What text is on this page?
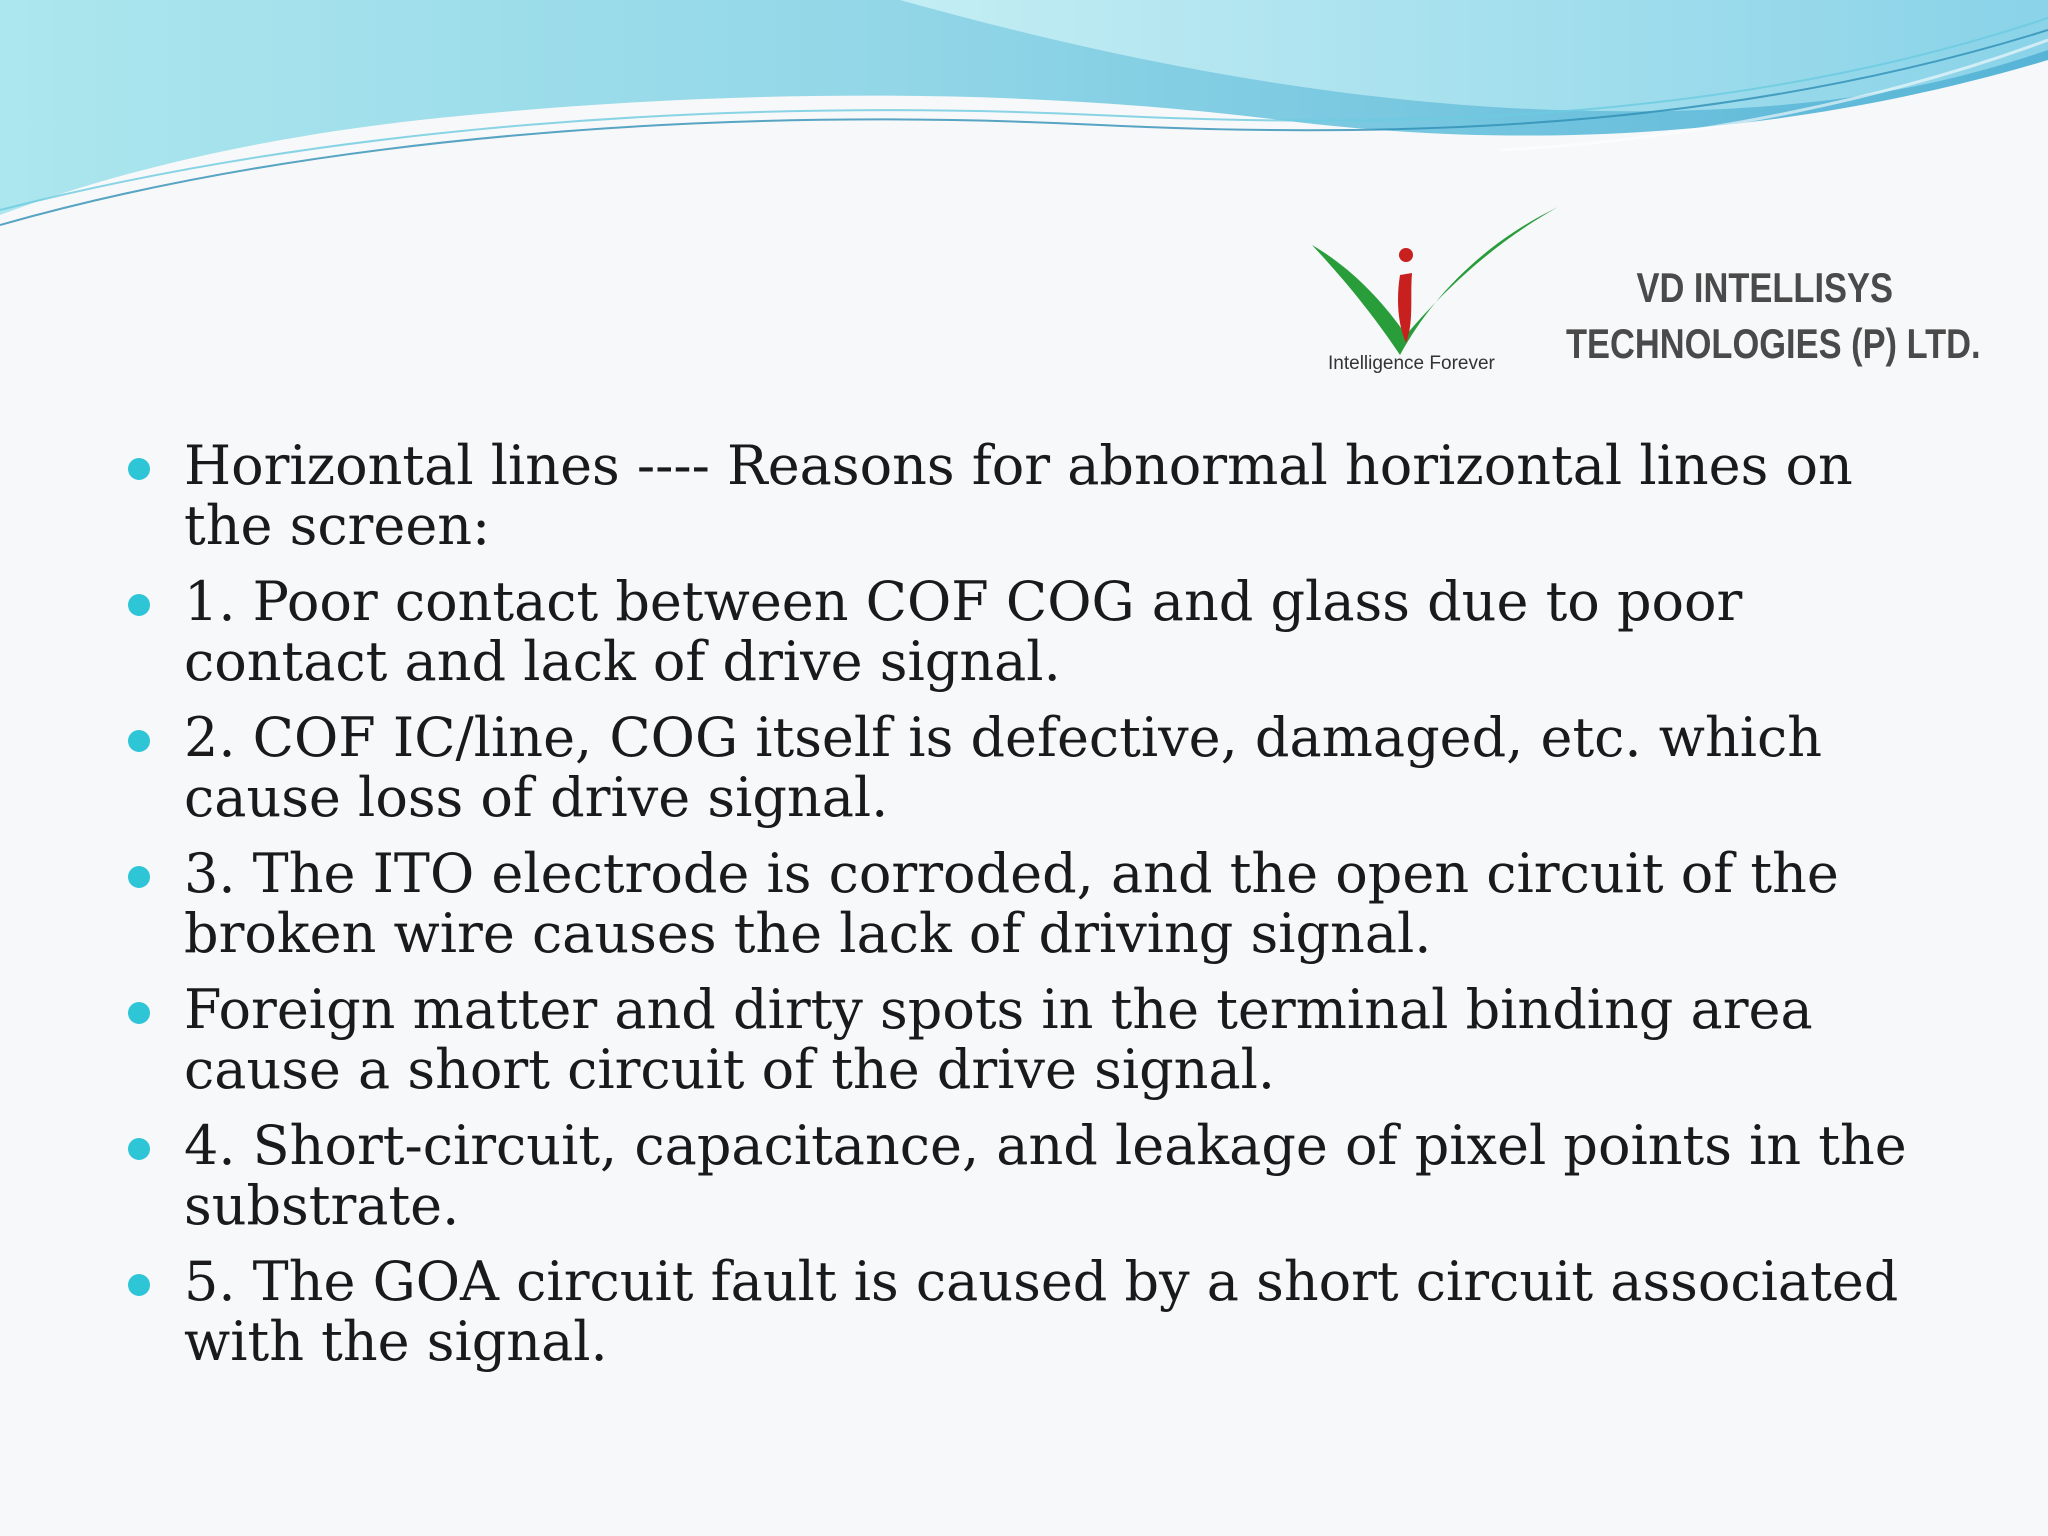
Intelligence Forever
VD INTELLISYS
TECHNOLOGIES (P) LTD.
Horizontal lines ---- Reasons for abnormal horizontal lines on the screen:
1. Poor contact between COF COG and glass due to poor contact and lack of drive signal.
2. COF IC/line, COG itself is defective, damaged, etc. which cause loss of drive signal.
3. The ITO electrode is corroded, and the open circuit of the broken wire causes the lack of driving signal.
Foreign matter and dirty spots in the terminal binding area cause a short circuit of the drive signal.
4. Short-circuit, capacitance, and leakage of pixel points in the substrate.
5. The GOA circuit fault is caused by a short circuit associated with the signal.
